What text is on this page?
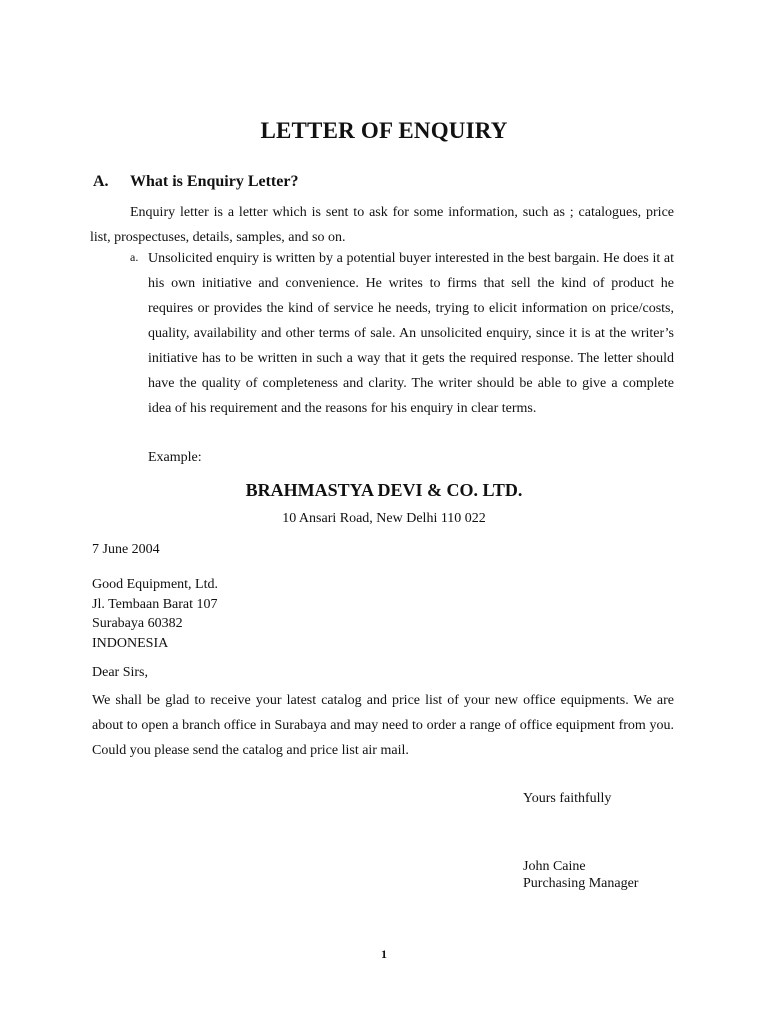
LETTER OF ENQUIRY
A. What is Enquiry Letter?
Enquiry letter is a letter which is sent to ask for some information, such as ; catalogues, price list, prospectuses, details, samples, and so on.
a. Unsolicited enquiry is written by a potential buyer interested in the best bargain. He does it at his own initiative and convenience. He writes to firms that sell the kind of product he requires or provides the kind of service he needs, trying to elicit information on price/costs, quality, availability and other terms of sale. An unsolicited enquiry, since it is at the writer’s initiative has to be written in such a way that it gets the required response. The letter should have the quality of completeness and clarity. The writer should be able to give a complete idea of his requirement and the reasons for his enquiry in clear terms.
Example:
BRAHMASTYA DEVI & CO. LTD.
10 Ansari Road, New Delhi 110 022
7 June 2004
Good Equipment, Ltd.
Jl. Tembaan Barat 107
Surabaya 60382
INDONESIA
Dear Sirs,
We shall be glad to receive your latest catalog and price list of your new office equipments. We are about to open a branch office in Surabaya and may need to order a range of office equipment from you. Could you please send the catalog and price list air mail.
Yours faithfully
John Caine
Purchasing Manager
1
